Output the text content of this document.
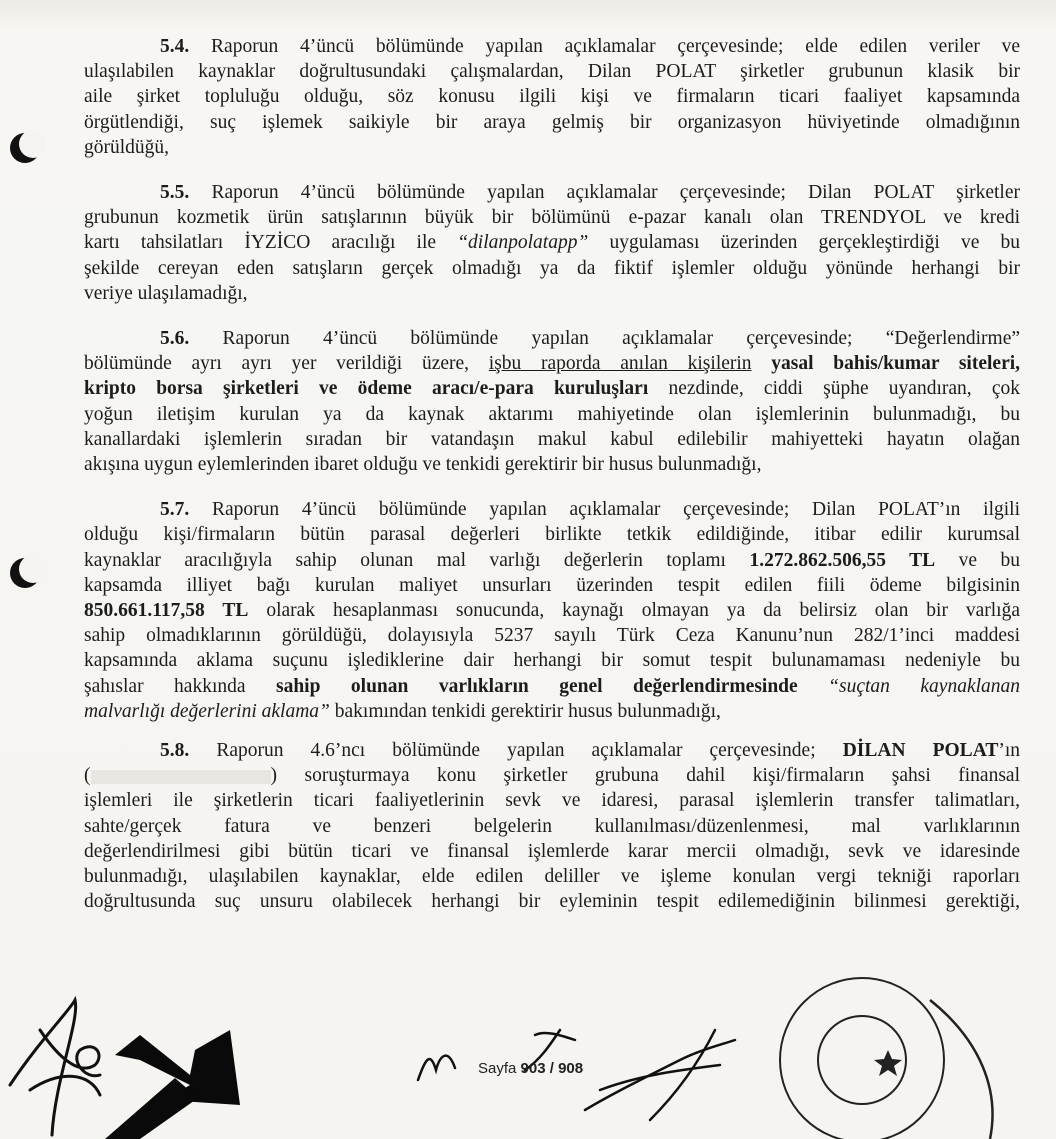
5.4. Raporun 4’üncü bölümünde yapılan açıklamalar çerçevesinde; elde edilen veriler ve
ulaşılabilen kaynaklar doğrultusundaki çalışmalardan, Dilan POLAT şirketler grubunun klasik bir
aile şirket topluluğu olduğu, söz konusu ilgili kişi ve firmaların ticari faaliyet kapsamında
örgütlendiği, suç işlemek saikiyle bir araya gelmiş bir organizasyon hüviyetinde olmadığının
görüldüğü,
5.5. Raporun 4’üncü bölümünde yapılan açıklamalar çerçevesinde; Dilan POLAT şirketler
grubunun kozmetik ürün satışlarının büyük bir bölümünü e-pazar kanalı olan TRENDYOL ve kredi
kartı tahsilatları İYZİCO aracılığı ile “dilanpolatapp” uygulaması üzerinden gerçekleştirdiği ve bu
şekilde cereyan eden satışların gerçek olmadığı ya da fiktif işlemler olduğu yönünde herhangi bir
veriye ulaşılamadığı,
5.6. Raporun 4’üncü bölümünde yapılan açıklamalar çerçevesinde; “Değerlendirme”
bölümünde ayrı ayrı yer verildiği üzere, işbu raporda anılan kişilerin yasal bahis/kumar siteleri,
kripto borsa şirketleri ve ödeme aracı/e-para kuruluşları nezdinde, ciddi şüphe uyandıran, çok
yoğun iletişim kurulan ya da kaynak aktarımı mahiyetinde olan işlemlerinin bulunmadığı, bu
kanallardaki işlemlerin sıradan bir vatandaşın makul kabul edilebilir mahiyetteki hayatın olağan
akışına uygun eylemlerinden ibaret olduğu ve tenkidi gerektirir bir husus bulunmadığı,
5.7. Raporun 4’üncü bölümünde yapılan açıklamalar çerçevesinde; Dilan POLAT’ın ilgili
olduğu kişi/firmaların bütün parasal değerleri birlikte tetkik edildiğinde, itibar edilir kurumsal
kaynaklar aracılığıyla sahip olunan mal varlığı değerlerin toplamı 1.272.862.506,55 TL ve bu
kapsamda illiyet bağı kurulan maliyet unsurları üzerinden tespit edilen fiili ödeme bilgisinin
850.661.117,58 TL olarak hesaplanması sonucunda, kaynağı olmayan ya da belirsiz olan bir varlığa
sahip olmadıklarının görüldüğü, dolayısıyla 5237 sayılı Türk Ceza Kanunu’nun 282/1’inci maddesi
kapsamında aklama suçunu işlediklerine dair herhangi bir somut tespit bulunamaması nedeniyle bu
şahıslar hakkında sahip olunan varlıkların genel değerlendirmesinde “suçtan kaynaklanan
malvarlığı değerlerini aklama” bakımından tenkidi gerektirir husus bulunmadığı,
5.8. Raporun 4.6’ncı bölümünde yapılan açıklamalar çerçevesinde; DİLAN POLAT’ın
(	) soruşturmaya konu şirketler grubuna dahil kişi/firmaların şahsi finansal
işlemleri ile şirketlerin ticari faaliyetlerinin sevk ve idaresi, parasal işlemlerin transfer talimatları,
sahte/gerçek fatura ve benzeri belgelerin kullanılması/düzenlenmesi, mal varlıklarının
değerlendirilmesi gibi bütün ticari ve finansal işlemlerde karar mercii olmadığı, sevk ve idaresinde
bulunmadığı, ulaşılabilen kaynaklar, elde edilen deliller ve işleme konulan vergi tekniği raporları
doğrultusunda suç unsuru olabilecek herhangi bir eyleminin tespit edilemediğinin bilinmesi gerektiği,
Sayfa 903 / 908
